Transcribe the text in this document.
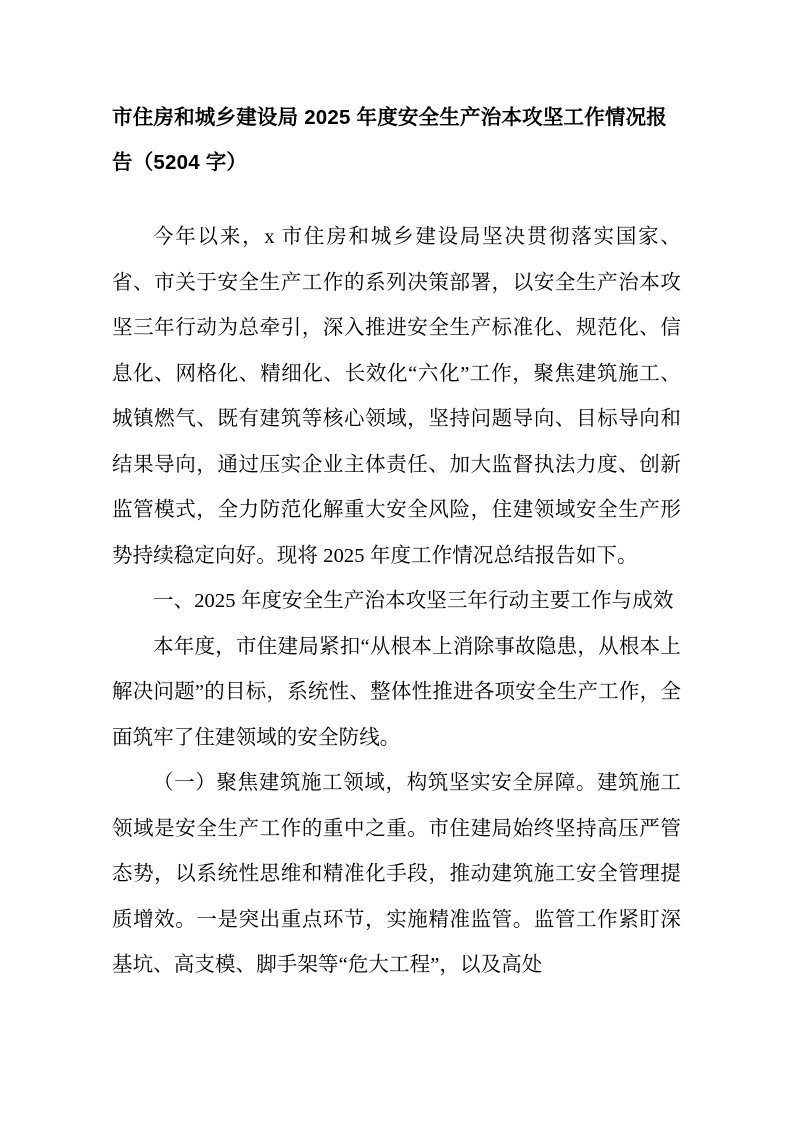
市住房和城乡建设局 2025 年度安全生产治本攻坚工作情况报告（5204 字）

今年以来，x 市住房和城乡建设局坚决贯彻落实国家、省、市关于安全生产工作的系列决策部署，以安全生产治本攻坚三年行动为总牵引，深入推进安全生产标准化、规范化、信息化、网格化、精细化、长效化“六化”工作，聚焦建筑施工、城镇燃气、既有建筑等核心领域，坚持问题导向、目标导向和结果导向，通过压实企业主体责任、加大监督执法力度、创新监管模式，全力防范化解重大安全风险，住建领域安全生产形势持续稳定向好。现将 2025 年度工作情况总结报告如下。

一、2025 年度安全生产治本攻坚三年行动主要工作与成效

本年度，市住建局紧扣“从根本上消除事故隐患，从根本上解决问题”的目标，系统性、整体性推进各项安全生产工作，全面筑牢了住建领域的安全防线。

（一）聚焦建筑施工领域，构筑坚实安全屏障。建筑施工领域是安全生产工作的重中之重。市住建局始终坚持高压严管态势，以系统性思维和精准化手段，推动建筑施工安全管理提质增效。一是突出重点环节，实施精准监管。监管工作紧盯深基坑、高支模、脚手架等“危大工程”，以及高处
